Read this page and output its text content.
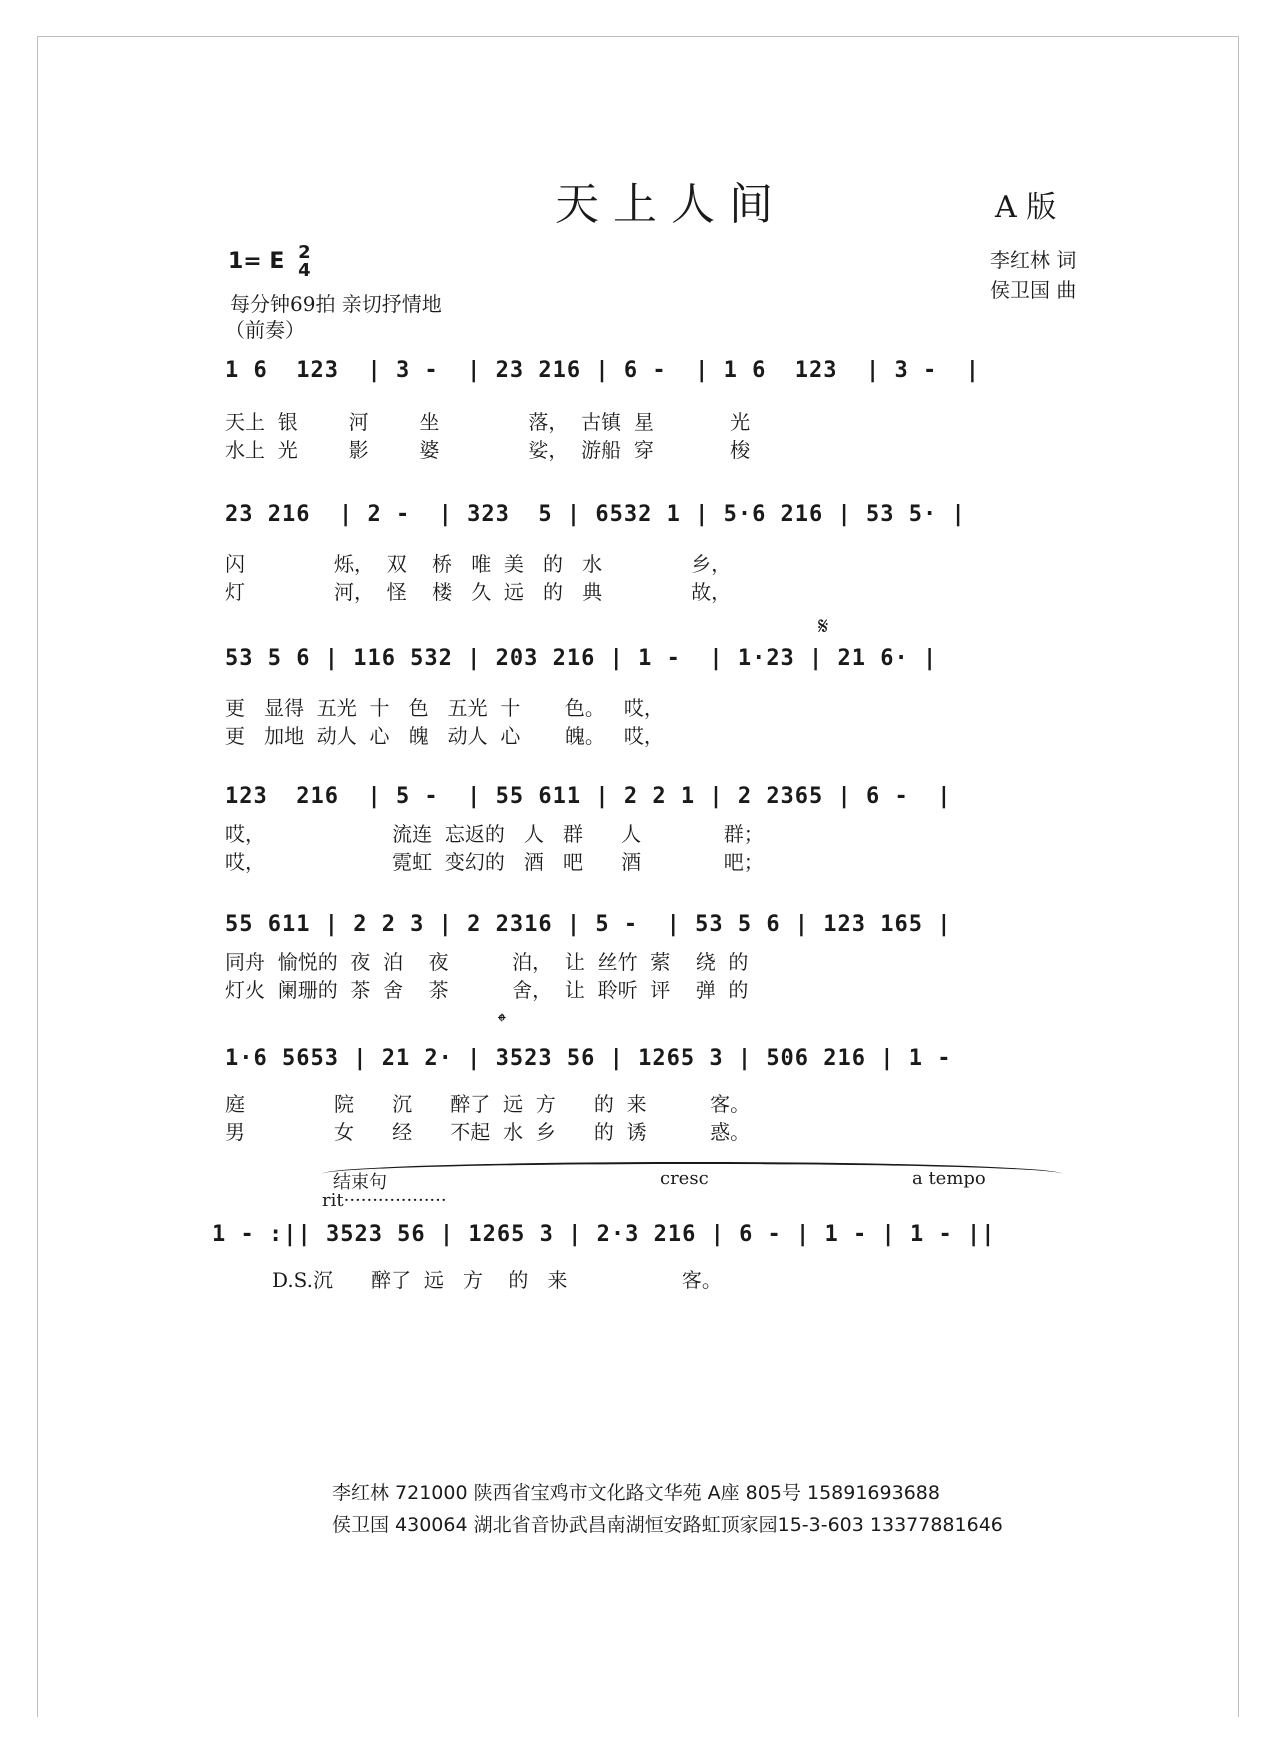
天上人间	A 版
1= E 2
4
每分钟69拍 亲切抒情地
（前奏）
李红林 词
侯卫国 曲
1 6  123  | 3 -  | 23 216 | 6 -  | 1 6  123  | 3 -  |
天上  银        河        坐              落，  古镇  星            光
水上  光        影        婆              娑，  游船  穿            梭
23 216  | 2 -  | 323  5 | 6532 1 | 5·6 216 | 53 5· |
闪              烁，  双    桥   唯  美   的   水              乡，
灯              河，  怪    楼   久  远   的   典              故，
𝄋
53 5 6 | 116 532 | 203 216 | 1 -  | 1·23 | 21 6· |
更   显得  五光  十   色   五光  十       色。   哎，
更   加地  动人  心   魄   动人  心       魄。   哎，
123  216  | 5 -  | 55 611 | 2 2 1 | 2 2365 | 6 -  |
哎，                    流连  忘返的   人   群      人             群；
哎，                    霓虹  变幻的   酒   吧      酒             吧；
55 611 | 2 2 3 | 2 2316 | 5 -  | 53 5 6 | 123 165 |
同舟  愉悦的  夜  泊    夜          泊，  让  丝竹  萦    绕  的
灯火  阑珊的  茶  舍    茶          舍，  让  聆听  评    弹  的
𝄌
1·6 5653 | 21 2· | 3523 56 | 1265 3 | 506 216 | 1 -
庭              院      沉      醉了  远  方      的  来          客。
男              女      经      不起  水  乡      的  诱          惑。
结束句
rit··················
cresc	a tempo
1 - :|| 3523 56 | 1265 3 | 2·3 216 | 6 - | 1 - | 1 - ||
D.S.沉      醉了  远   方    的   来                  客。
李红林 721000 陕西省宝鸡市文化路文华苑 A座 805号 15891693688
侯卫国 430064 湖北省音协武昌南湖恒安路虹顶家园15-3-603 13377881646
